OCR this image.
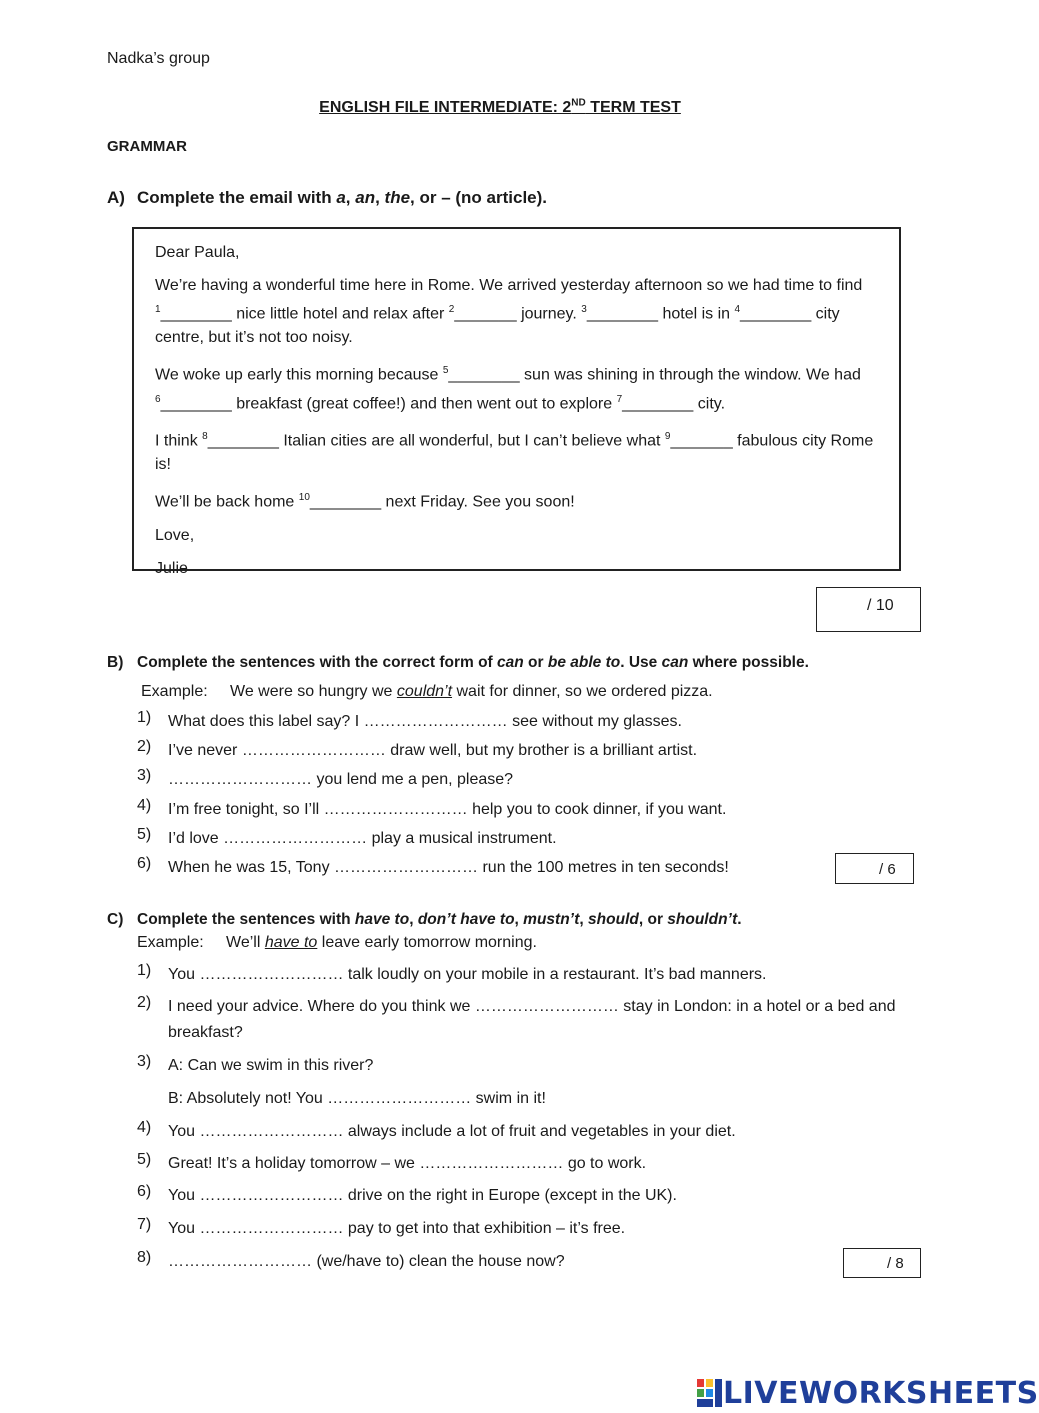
Nadka’s group
ENGLISH FILE INTERMEDIATE: 2ND TERM TEST
GRAMMAR
A) Complete the email with a, an, the, or – (no article).

Dear Paula,

We’re having a wonderful time here in Rome. We arrived yesterday afternoon so we had time to find $^1$________ nice little hotel and relax after $^2$_______ journey. $^3$________ hotel is in $^4$________ city centre, but it’s not too noisy.

We woke up early this morning because $^5$________ sun was shining in through the window. We had $^6$________ breakfast (great coffee!) and then went out to explore $^7$________ city.

I think $^8$________ Italian cities are all wonderful, but I can’t believe what $^9$_______ fabulous city Rome is!

We’ll be back home $^{10}$________ next Friday. See you soon!

Love,

Julie

/ 10
B) Complete the sentences with the correct form of can or be able to. Use can where possible.
Example: We were so hungry we couldn’t wait for dinner, so we ordered pizza.
1)	What does this label say? I ……………………… see without my glasses.
2)	I’ve never ……………………… draw well, but my brother is a brilliant artist.
3)	……………………… you lend me a pen, please?
4)	I’m free tonight, so I’ll ……………………… help you to cook dinner, if you want.
5)	I’d love ……………………… play a musical instrument.
6)	When he was 15, Tony ……………………… run the 100 metres in ten seconds!	/ 6
C) Complete the sentences with have to, don’t have to, mustn’t, should, or shouldn’t.
Example: We’ll have to leave early tomorrow morning.
1)	You ……………………… talk loudly on your mobile in a restaurant. It’s bad manners.
2)	I need your advice. Where do you think we ……………………… stay in London: in a hotel or a bed and breakfast?
3)	A: Can we swim in this river?
B: Absolutely not! You ……………………… swim in it!
4)	You ……………………… always include a lot of fruit and vegetables in your diet.
5)	Great! It’s a holiday tomorrow – we ……………………… go to work.
6)	You ……………………… drive on the right in Europe (except in the UK).
7)	You ……………………… pay to get into that exhibition – it’s free.
8)	……………………… (we/have to) clean the house now?	/ 8
LIVEWORKSHEETS
